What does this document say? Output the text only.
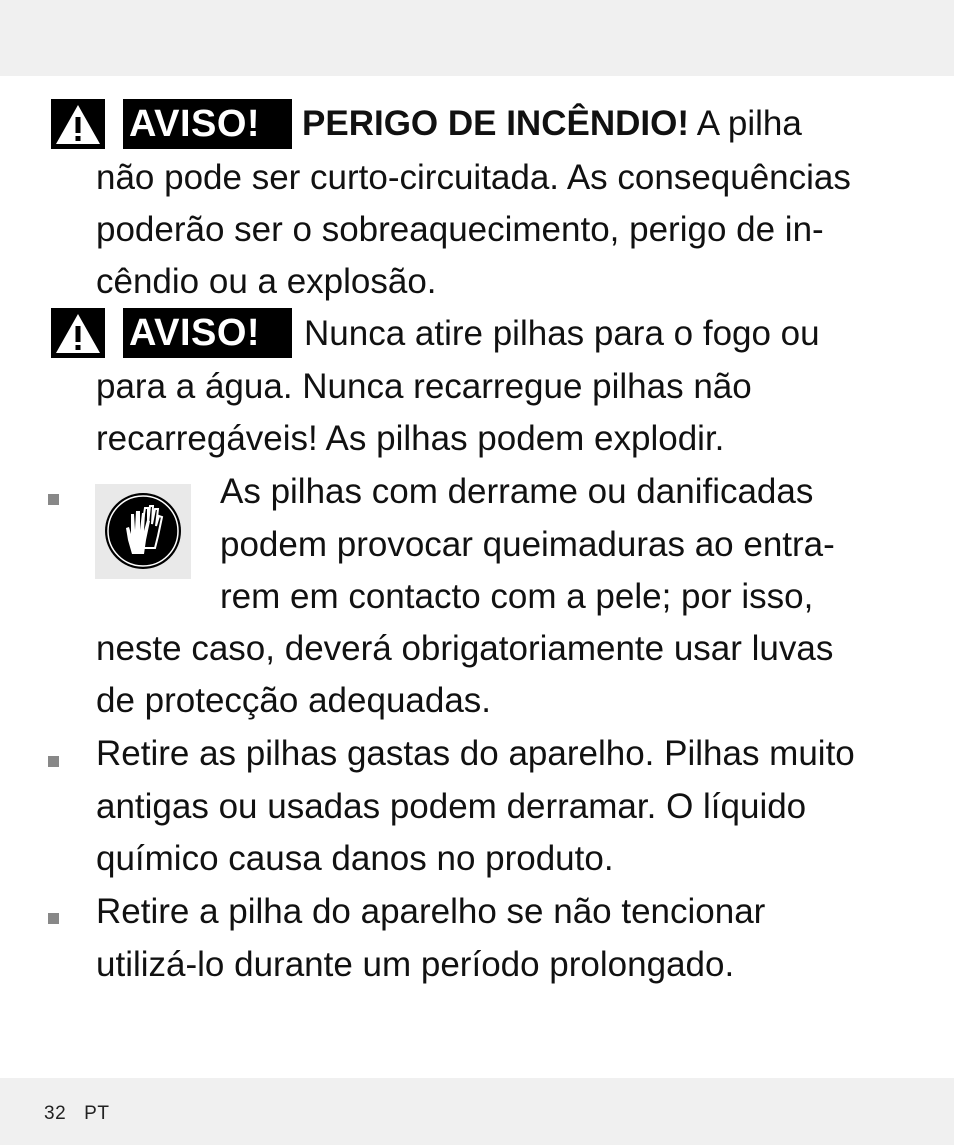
AVISO!	PERIGO DE INCÊNDIO! A pilha
não pode ser curto-circuitada. As consequências
poderão ser o sobreaquecimento, perigo de in-
cêndio ou a explosão.
AVISO!	Nunca atire pilhas para o fogo ou
para a água. Nunca recarregue pilhas não
recarregáveis! As pilhas podem explodir.
As pilhas com derrame ou danificadas
podem provocar queimaduras ao entra-
rem em contacto com a pele; por isso,
neste caso, deverá obrigatoriamente usar luvas
de protecção adequadas.
Retire as pilhas gastas do aparelho. Pilhas muito
antigas ou usadas podem derramar. O líquido
químico causa danos no produto.
Retire a pilha do aparelho se não tencionar
utilizá-lo durante um período prolongado.
32 PT
